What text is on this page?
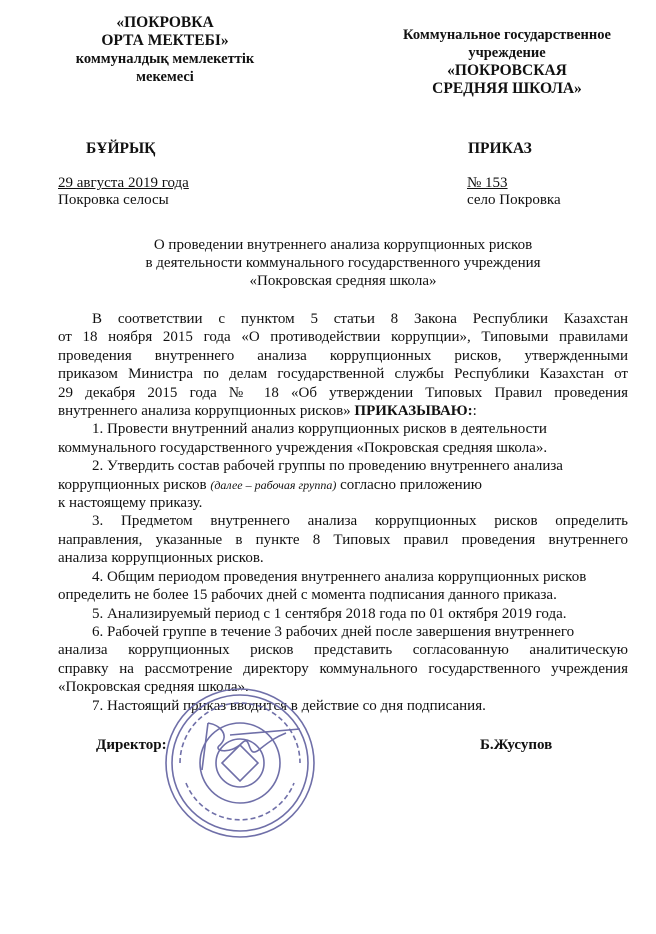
«ПОКРОВКА
ОРТА МЕКТЕБІ»
коммуналдық мемлекеттік
мекемесі
Коммунальное государственное
учреждение
«ПОКРОВСКАЯ
СРЕДНЯЯ ШКОЛА»
БҰЙРЫҚ	ПРИКАЗ
29 августа 2019 года
Покровка селосы
№ 153
село Покровка
О проведении внутреннего анализа коррупционных рисков
в деятельности коммунального государственного учреждения
«Покровская средняя школа»

В соответствии с пунктом 5 статьи 8 Закона Республики Казахстан

от 18 ноября 2015 года «О противодействии коррупции», Типовыми правилами

проведения внутреннего анализа коррупционных рисков, утвержденными

приказом Министра по делам государственной службы Республики Казахстан от

29 декабря 2015 года № 18 «Об утверждении Типовых Правил проведения

внутреннего анализа коррупционных рисков» ПРИКАЗЫВАЮ::

1. Провести внутренний анализ коррупционных рисков в деятельности

коммунального государственного учреждения «Покровская средняя школа».

2. Утвердить состав рабочей группы по проведению внутреннего анализа

коррупционных рисков (далее – рабочая группа) согласно приложению

к настоящему приказу.

3. Предметом внутреннего анализа коррупционных рисков определить

направления, указанные в пункте 8 Типовых правил проведения внутреннего

анализа коррупционных рисков.

4. Общим периодом проведения внутреннего анализа коррупционных рисков

определить не более 15 рабочих дней с момента подписания данного приказа.

5. Анализируемый период с 1 сентября 2018 года по 01 октября 2019 года.

6. Рабочей группе в течение 3 рабочих дней после завершения внутреннего

анализа коррупционных рисков представить согласованную аналитическую

справку на рассмотрение директору коммунального государственного учреждения

«Покровская средняя школа».

7. Настоящий приказ вводится в действие со дня подписания.

Директор:	Б.Жусупов
